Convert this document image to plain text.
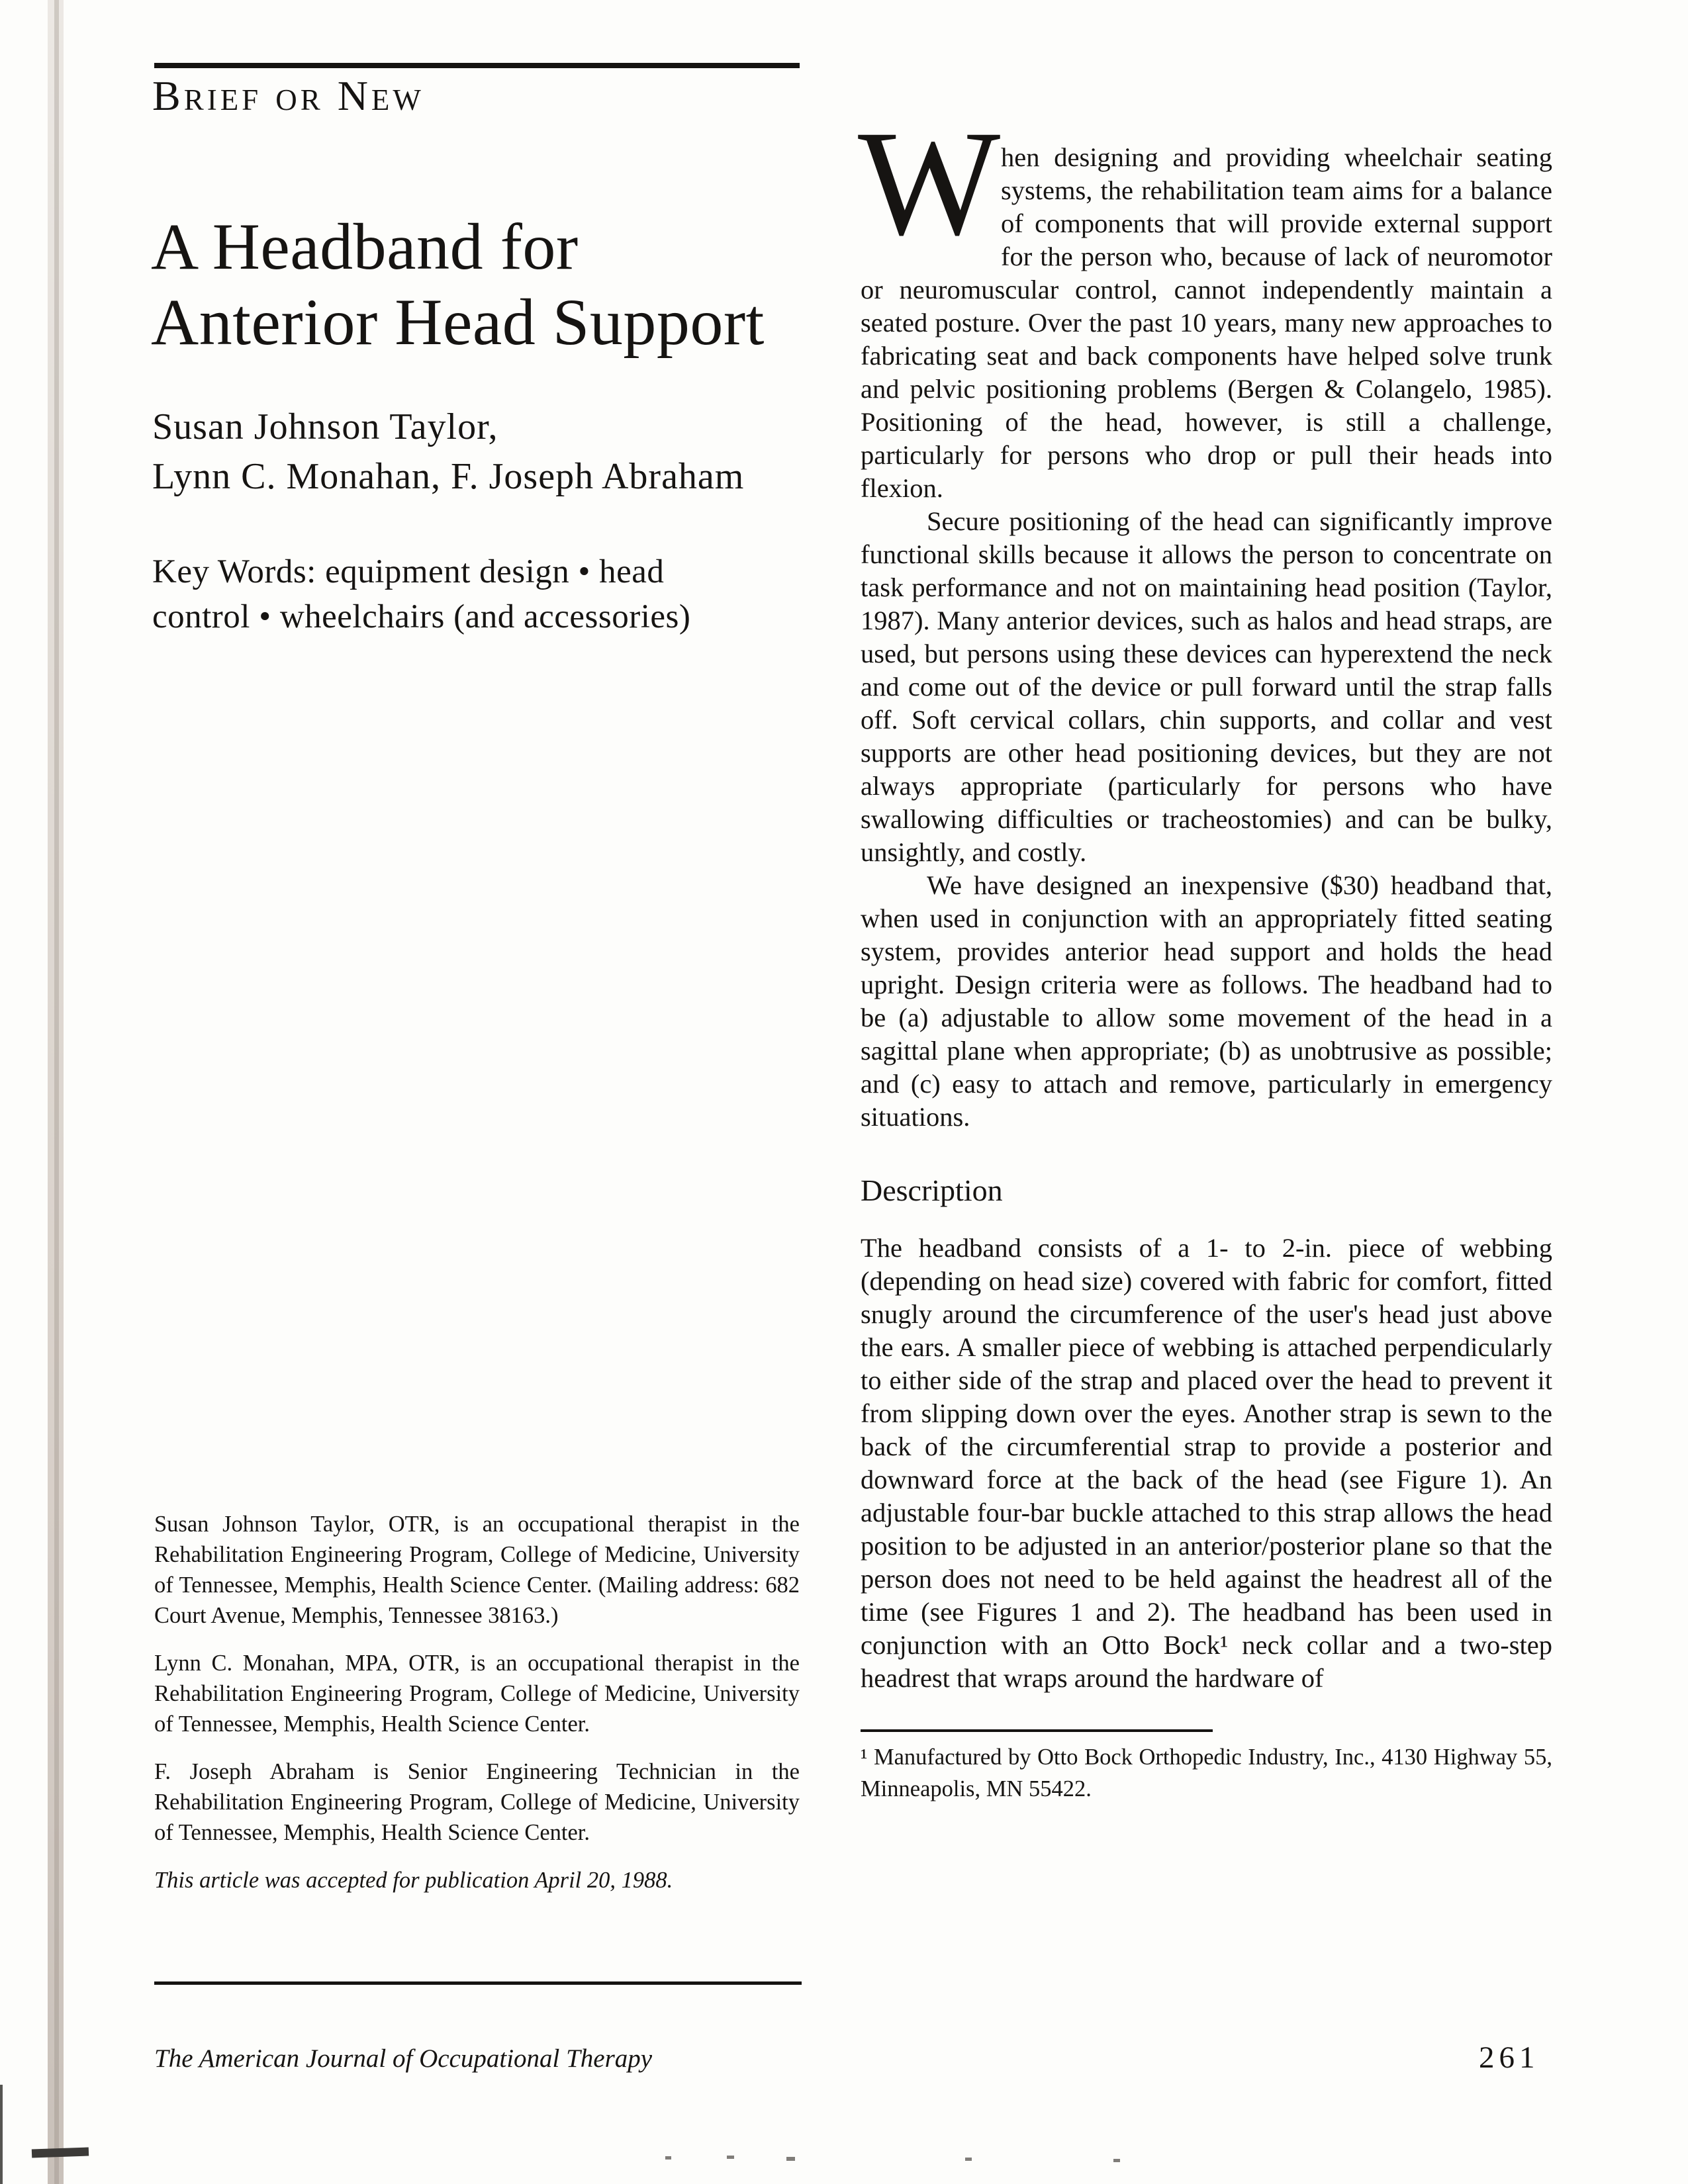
Brief or New
A Headband for
Anterior Head Support
Susan Johnson Taylor,
Lynn C. Monahan, F. Joseph Abraham
Key Words: equipment design • head control • wheelchairs (and accessories)

Susan Johnson Taylor, OTR, is an occupational therapist in the Rehabilitation Engineering Program, College of Medicine, University of Tennessee, Memphis, Health Science Center. (Mailing address: 682 Court Avenue, Memphis, Tennessee 38163.)

Lynn C. Monahan, MPA, OTR, is an occupational therapist in the Rehabilitation Engineering Program, College of Medicine, University of Tennessee, Memphis, Health Science Center.

F. Joseph Abraham is Senior Engineering Technician in the Rehabilitation Engineering Program, College of Medicine, University of Tennessee, Memphis, Health Science Center.

This article was accepted for publication April 20, 1988.

The American Journal of Occupational Therapy	261

W hen designing and providing wheelchair seating systems, the rehabilitation team aims for a balance of components that will provide external support for the person who, because of lack of neuromotor or neuromuscular control, cannot independently maintain a seated posture. Over the past 10 years, many new approaches to fabricating seat and back components have helped solve trunk and pelvic positioning problems (Bergen & Colangelo, 1985). Positioning of the head, however, is still a challenge, particularly for persons who drop or pull their heads into flexion.

Secure positioning of the head can significantly improve functional skills because it allows the person to concentrate on task performance and not on maintaining head position (Taylor, 1987). Many anterior devices, such as halos and head straps, are used, but persons using these devices can hyperextend the neck and come out of the device or pull forward until the strap falls off. Soft cervical collars, chin supports, and collar and vest supports are other head positioning devices, but they are not always appropriate (particularly for persons who have swallowing difficulties or tracheostomies) and can be bulky, unsightly, and costly.

We have designed an inexpensive ($30) headband that, when used in conjunction with an appropriately fitted seating system, provides anterior head support and holds the head upright. Design criteria were as follows. The headband had to be (a) adjustable to allow some movement of the head in a sagittal plane when appropriate; (b) as unobtrusive as possible; and (c) easy to attach and remove, particularly in emergency situations.

Description

The headband consists of a 1- to 2-in. piece of webbing (depending on head size) covered with fabric for comfort, fitted snugly around the circumference of the user's head just above the ears. A smaller piece of webbing is attached perpendicularly to either side of the strap and placed over the head to prevent it from slipping down over the eyes. Another strap is sewn to the back of the circumferential strap to provide a posterior and downward force at the back of the head (see Figure 1). An adjustable four-bar buckle attached to this strap allows the head position to be adjusted in an anterior/posterior plane so that the person does not need to be held against the headrest all of the time (see Figures 1 and 2). The headband has been used in conjunction with an Otto Bock¹ neck collar and a two-step headrest that wraps around the hardware of

¹ Manufactured by Otto Bock Orthopedic Industry, Inc., 4130 Highway 55, Minneapolis, MN 55422.
